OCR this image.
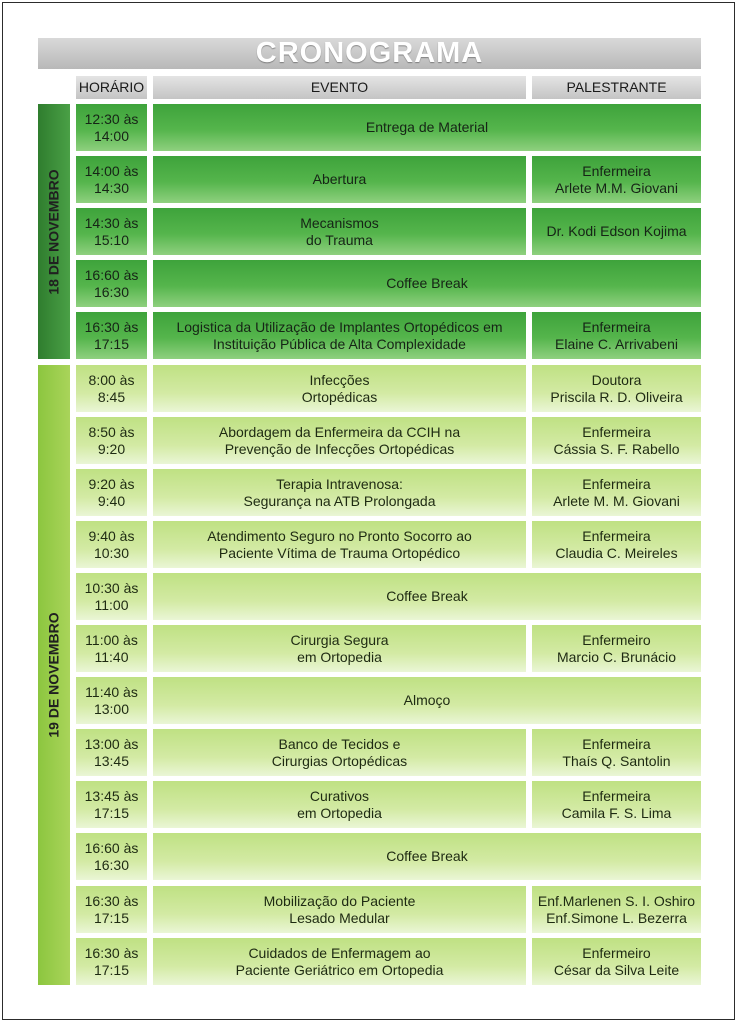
CRONOGRAMA
HORÁRIO	EVENTO	PALESTRANTE
12:30 às
14:00
Entrega de Material
14:00 às
14:30
Abertura
Enfermeira
Arlete M.M. Giovani
14:30 às
15:10
Mecanismos
do Trauma
Dr. Kodi Edson Kojima
16:60 às
16:30
Coffee Break
16:30 às
17:15
Logistica da Utilização de Implantes Ortopédicos em
Instituição Pública de Alta Complexidade
Enfermeira
Elaine C. Arrivabeni
18 DE NOVEMBRO
8:00 às
8:45
Infecções
Ortopédicas
Doutora
Priscila R. D. Oliveira
8:50 às
9:20
Abordagem da Enfermeira da CCIH na
Prevenção de Infecções Ortopédicas
Enfermeira
Cássia S. F. Rabello
9:20 às
9:40
Terapia Intravenosa:
Segurança na ATB Prolongada
Enfermeira
Arlete M. M. Giovani
9:40 às
10:30
Atendimento Seguro no Pronto Socorro ao
Paciente Vítima de Trauma Ortopédico
Enfermeira
Claudia C. Meireles
10:30 às
11:00
Coffee Break
11:00 às
11:40
Cirurgia Segura
em Ortopedia
Enfermeiro
Marcio C. Brunácio
11:40 às
13:00
Almoço
13:00 às
13:45
Banco de Tecidos e
Cirurgias Ortopédicas
Enfermeira
Thaís Q. Santolin
13:45 às
17:15
Curativos
em Ortopedia
Enfermeira
Camila F. S. Lima
16:60 às
16:30
Coffee Break
16:30 às
17:15
Mobilização do Paciente
Lesado Medular
Enf.Marlenen S. I. Oshiro
Enf.Simone L. Bezerra
16:30 às
17:15
Cuidados de Enfermagem ao
Paciente Geriátrico em Ortopedia
Enfermeiro
César da Silva Leite
19 DE NOVEMBRO
